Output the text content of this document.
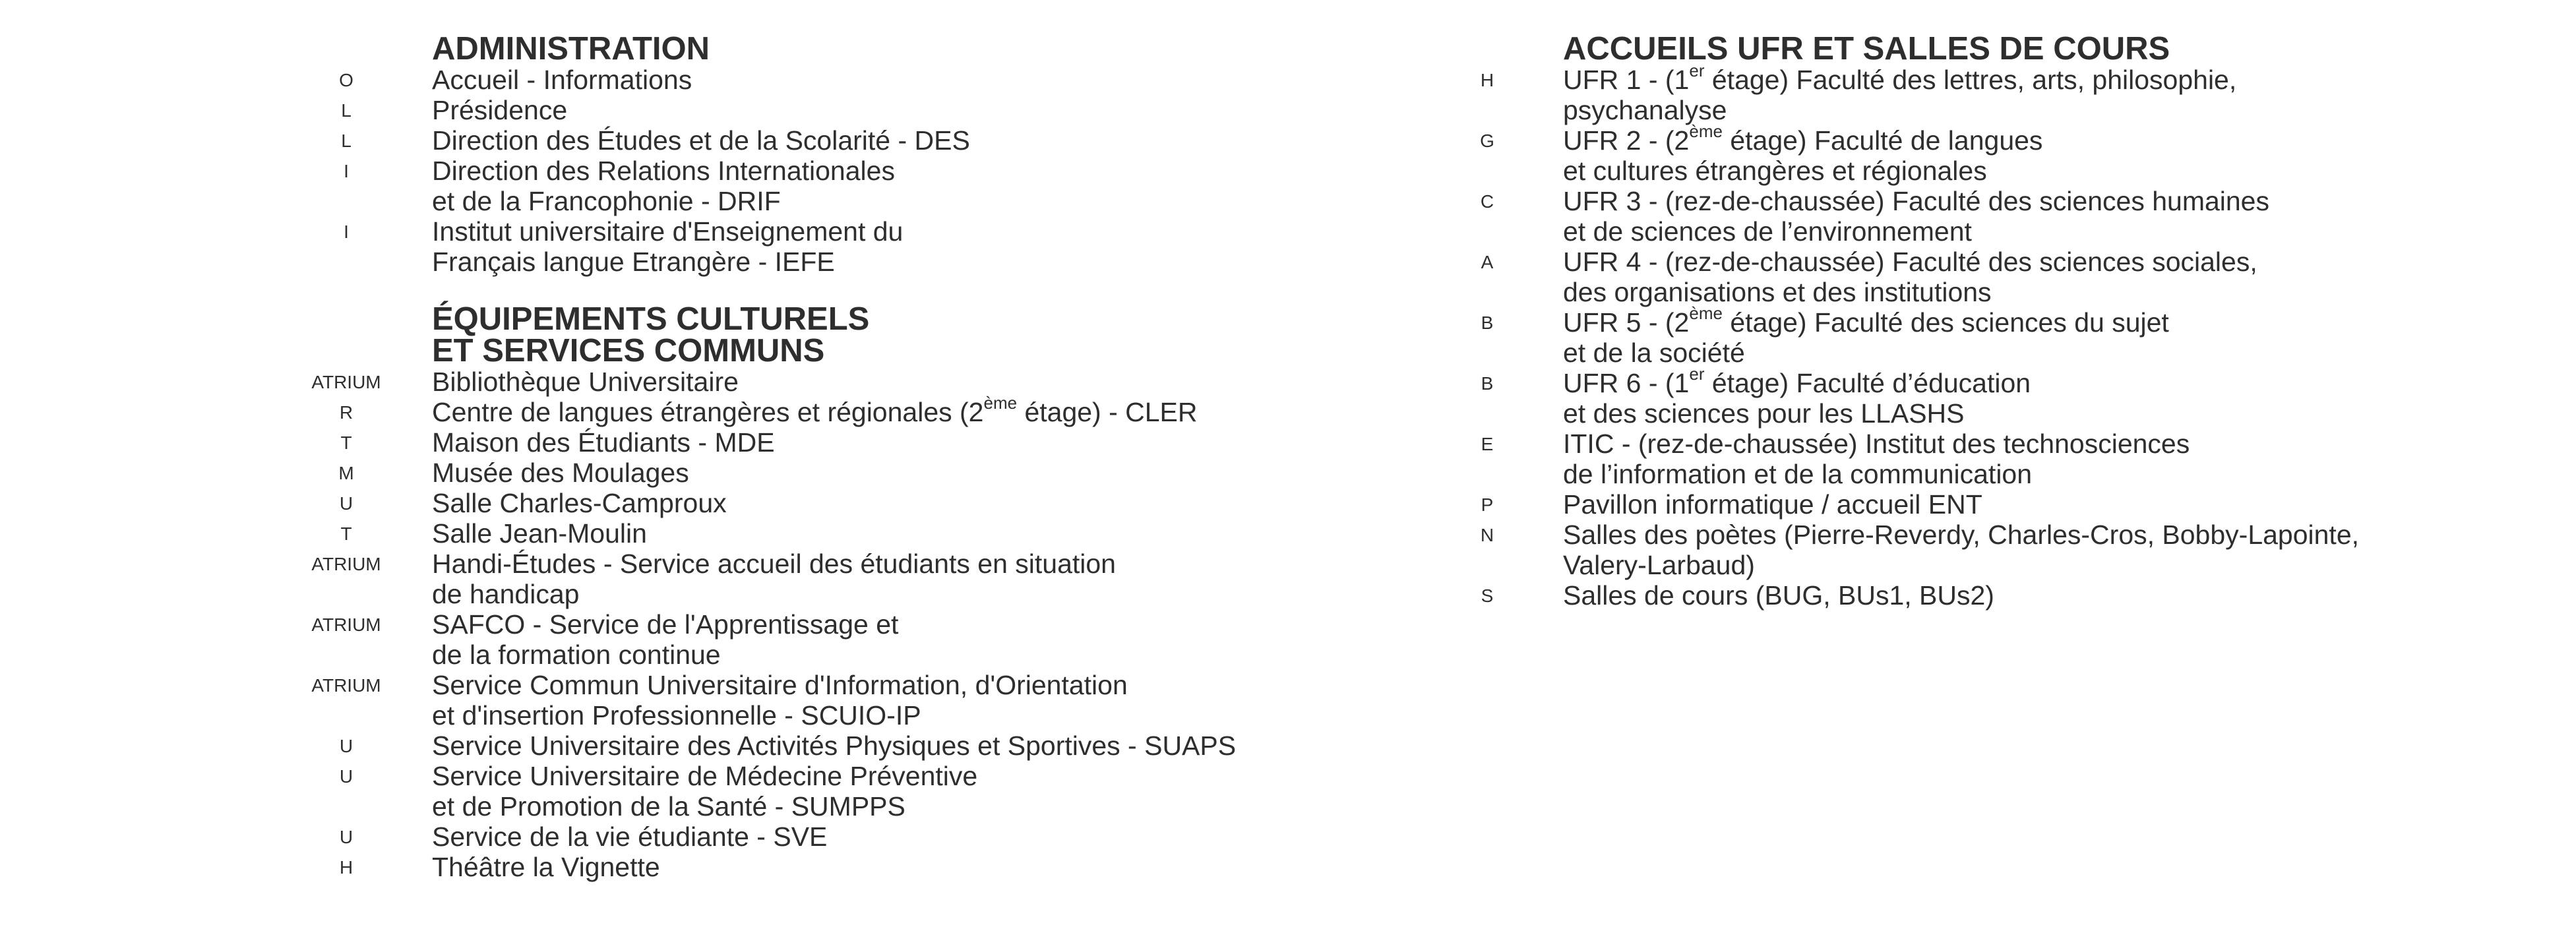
ADMINISTRATION
O	Accueil - Informations
L	Présidence
L	Direction des Études et de la Scolarité - DES
I	Direction des Relations Internationales
et de la Francophonie - DRIF
I	Institut universitaire d'Enseignement du
Français langue Etrangère - IEFE
ÉQUIPEMENTS CULTURELS
ET SERVICES COMMUNS
ATRIUM	Bibliothèque Universitaire
R	Centre de langues étrangères et régionales (2ème étage) - CLER
T	Maison des Étudiants - MDE
M	Musée des Moulages
U	Salle Charles-Camproux
T	Salle Jean-Moulin
ATRIUM	Handi-Études - Service accueil des étudiants en situation
de handicap
ATRIUM	SAFCO - Service de l'Apprentissage et
de la formation continue
ATRIUM	Service Commun Universitaire d'Information, d'Orientation
et d'insertion Professionnelle - SCUIO-IP
U	Service Universitaire des Activités Physiques et Sportives - SUAPS
U	Service Universitaire de Médecine Préventive
et de Promotion de la Santé - SUMPPS
U	Service de la vie étudiante - SVE
H	Théâtre la Vignette
ACCUEILS UFR ET SALLES DE COURS
H	UFR 1 - (1er étage) Faculté des lettres, arts, philosophie,
psychanalyse
G	UFR 2 - (2ème étage) Faculté de langues
et cultures étrangères et régionales
C	UFR 3 - (rez-de-chaussée) Faculté des sciences humaines
et de sciences de l’environnement
A	UFR 4 - (rez-de-chaussée) Faculté des sciences sociales,
des organisations et des institutions
B	UFR 5 - (2ème étage) Faculté des sciences du sujet
et de la société
B	UFR 6 - (1er étage) Faculté d’éducation
et des sciences pour les LLASHS
E	ITIC - (rez-de-chaussée) Institut des technosciences
de l’information et de la communication
P	Pavillon informatique / accueil ENT
N	Salles des poètes (Pierre-Reverdy, Charles-Cros, Bobby-Lapointe,
Valery-Larbaud)
S	Salles de cours (BUG, BUs1, BUs2)
